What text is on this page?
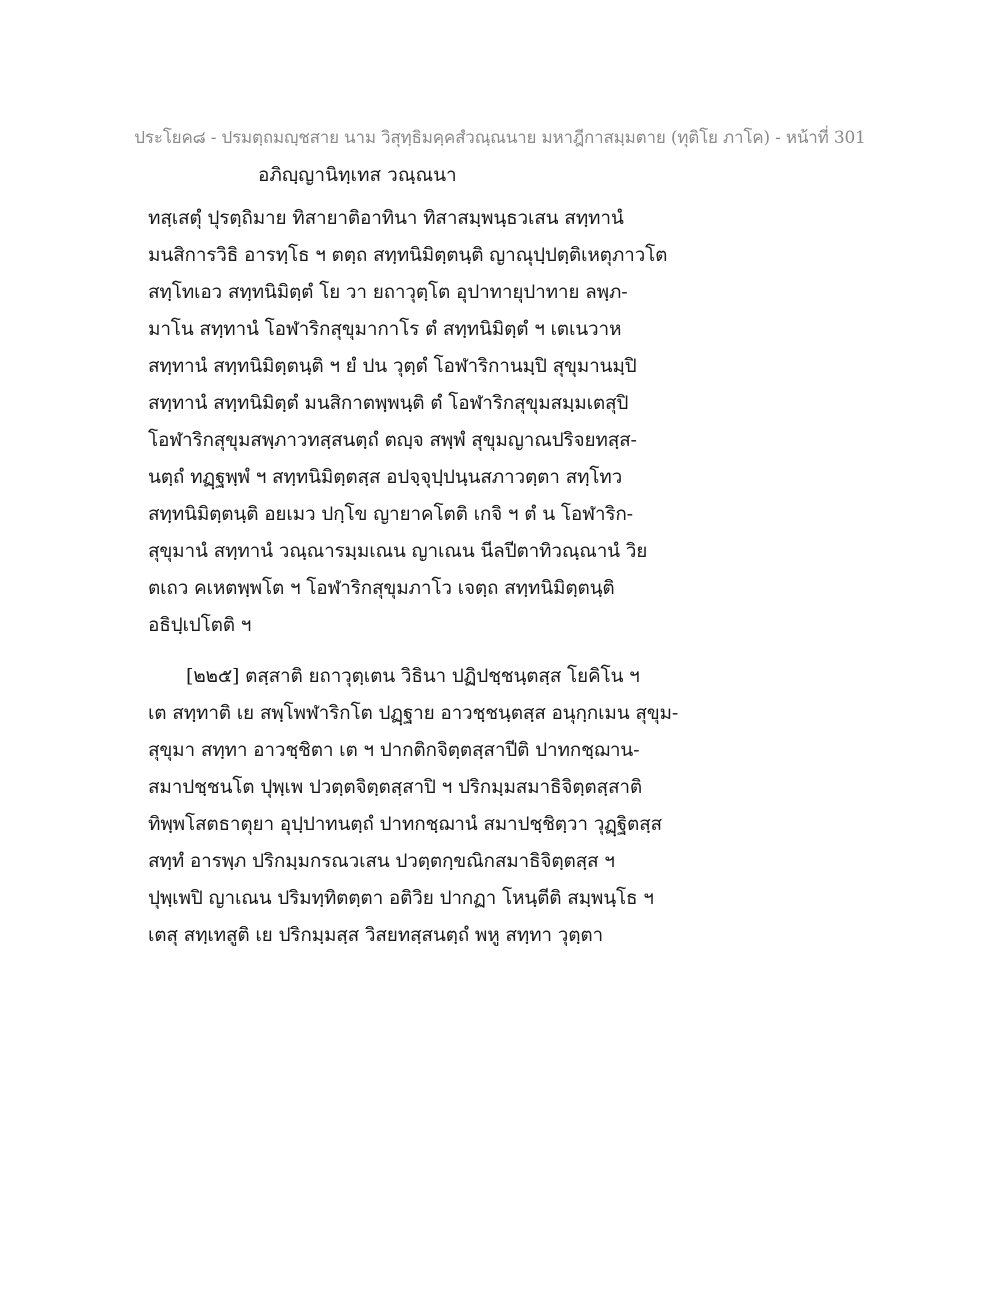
ประโยค๘ - ปรมตฺถมญฺชสาย นาม วิสุทฺธิมคฺคสํวณฺณนาย มหาฎีกาสมฺมตาย (ทุติโย ภาโค) - หน้าที่ 301
อภิญฺญานิทฺเทส วณฺณนา
ทสฺเสตุํ ปุรตฺถิมาย ทิสายาติอาทินา ทิสาสมฺพนฺธวเสน สทฺทานํ
มนสิการวิธิ อารทฺโธ ฯ ตตฺถ สทฺทนิมิตฺตนฺติ ญาณุปฺปตฺติเหตุภาวโต
สทฺโทเอว สทฺทนิมิตฺตํ โย วา ยถาวุตฺโต อุปาทายุปาทาย ลพฺภ-
มาโน สทฺทานํ โอฬาริกสุขุมากาโร ตํ สทฺทนิมิตฺตํ ฯ เตเนวาห
สทฺทานํ สทฺทนิมิตฺตนฺติ ฯ ยํ ปน วุตฺตํ โอฬาริกานมฺปิ สุขุมานมฺปิ
สทฺทานํ สทฺทนิมิตฺตํ มนสิกาตพฺพนฺติ ตํ โอฬาริกสุขุมสมฺมเตสุปิ
โอฬาริกสุขุมสพฺภาวทสฺสนตฺถํ ตญฺจ สพฺพํ สุขุมญาณปริจยทสฺส-
นตฺถํ ทฏฺฐพฺพํ ฯ สทฺทนิมิตฺตสฺส อปจฺจุปฺปนฺนสภาวตฺตา สทฺโทว
สทฺทนิมิตฺตนฺติ อยเมว ปกฺโข ญายาคโตติ เกจิ ฯ ตํ น โอฬาริก-
สุขุมานํ สทฺทานํ วณฺณารมฺมเณน ญาเณน นีลปีตาทิวณฺณานํ วิย
ตเถว คเหตพฺพโต ฯ โอฬาริกสุขุมภาโว เจตฺถ สทฺทนิมิตฺตนฺติ
อธิปฺเปโตติ ฯ
[๒๒๕] ตสฺสาติ ยถาวุตฺเตน วิธินา ปฏิปชฺชนฺตสฺส โยคิโน ฯ
เต สทฺทาติ เย สพฺโพฬาริกโต ปฏฺฐาย อาวชฺชนฺตสฺส อนุกฺกเมน สุขุม-
สุขุมา สทฺทา อาวชฺชิตา เต ฯ ปากติกจิตฺตสฺสาปีติ ปาทกชฺฌาน-
สมาปชฺชนโต ปุพฺเพ ปวตฺตจิตฺตสฺสาปิ ฯ ปริกมฺมสมาธิจิตฺตสฺสาติ
ทิพฺพโสตธาตุยา อุปฺปาทนตฺถํ ปาทกชฺฌานํ สมาปชฺชิตฺวา วุฏฺฐิตสฺส
สทฺทํ อารพฺภ ปริกมฺมกรณวเสน ปวตฺตกฺขณิกสมาธิจิตฺตสฺส ฯ
ปุพฺเพปิ ญาเณน ปริมทฺทิตตฺตา อติวิย ปากฏา โหนฺตีติ สมฺพนฺโธ ฯ
เตสุ สทฺเทสูติ เย ปริกมฺมสฺส วิสยทสฺสนตฺถํ พหู สทฺทา วุตฺตา
